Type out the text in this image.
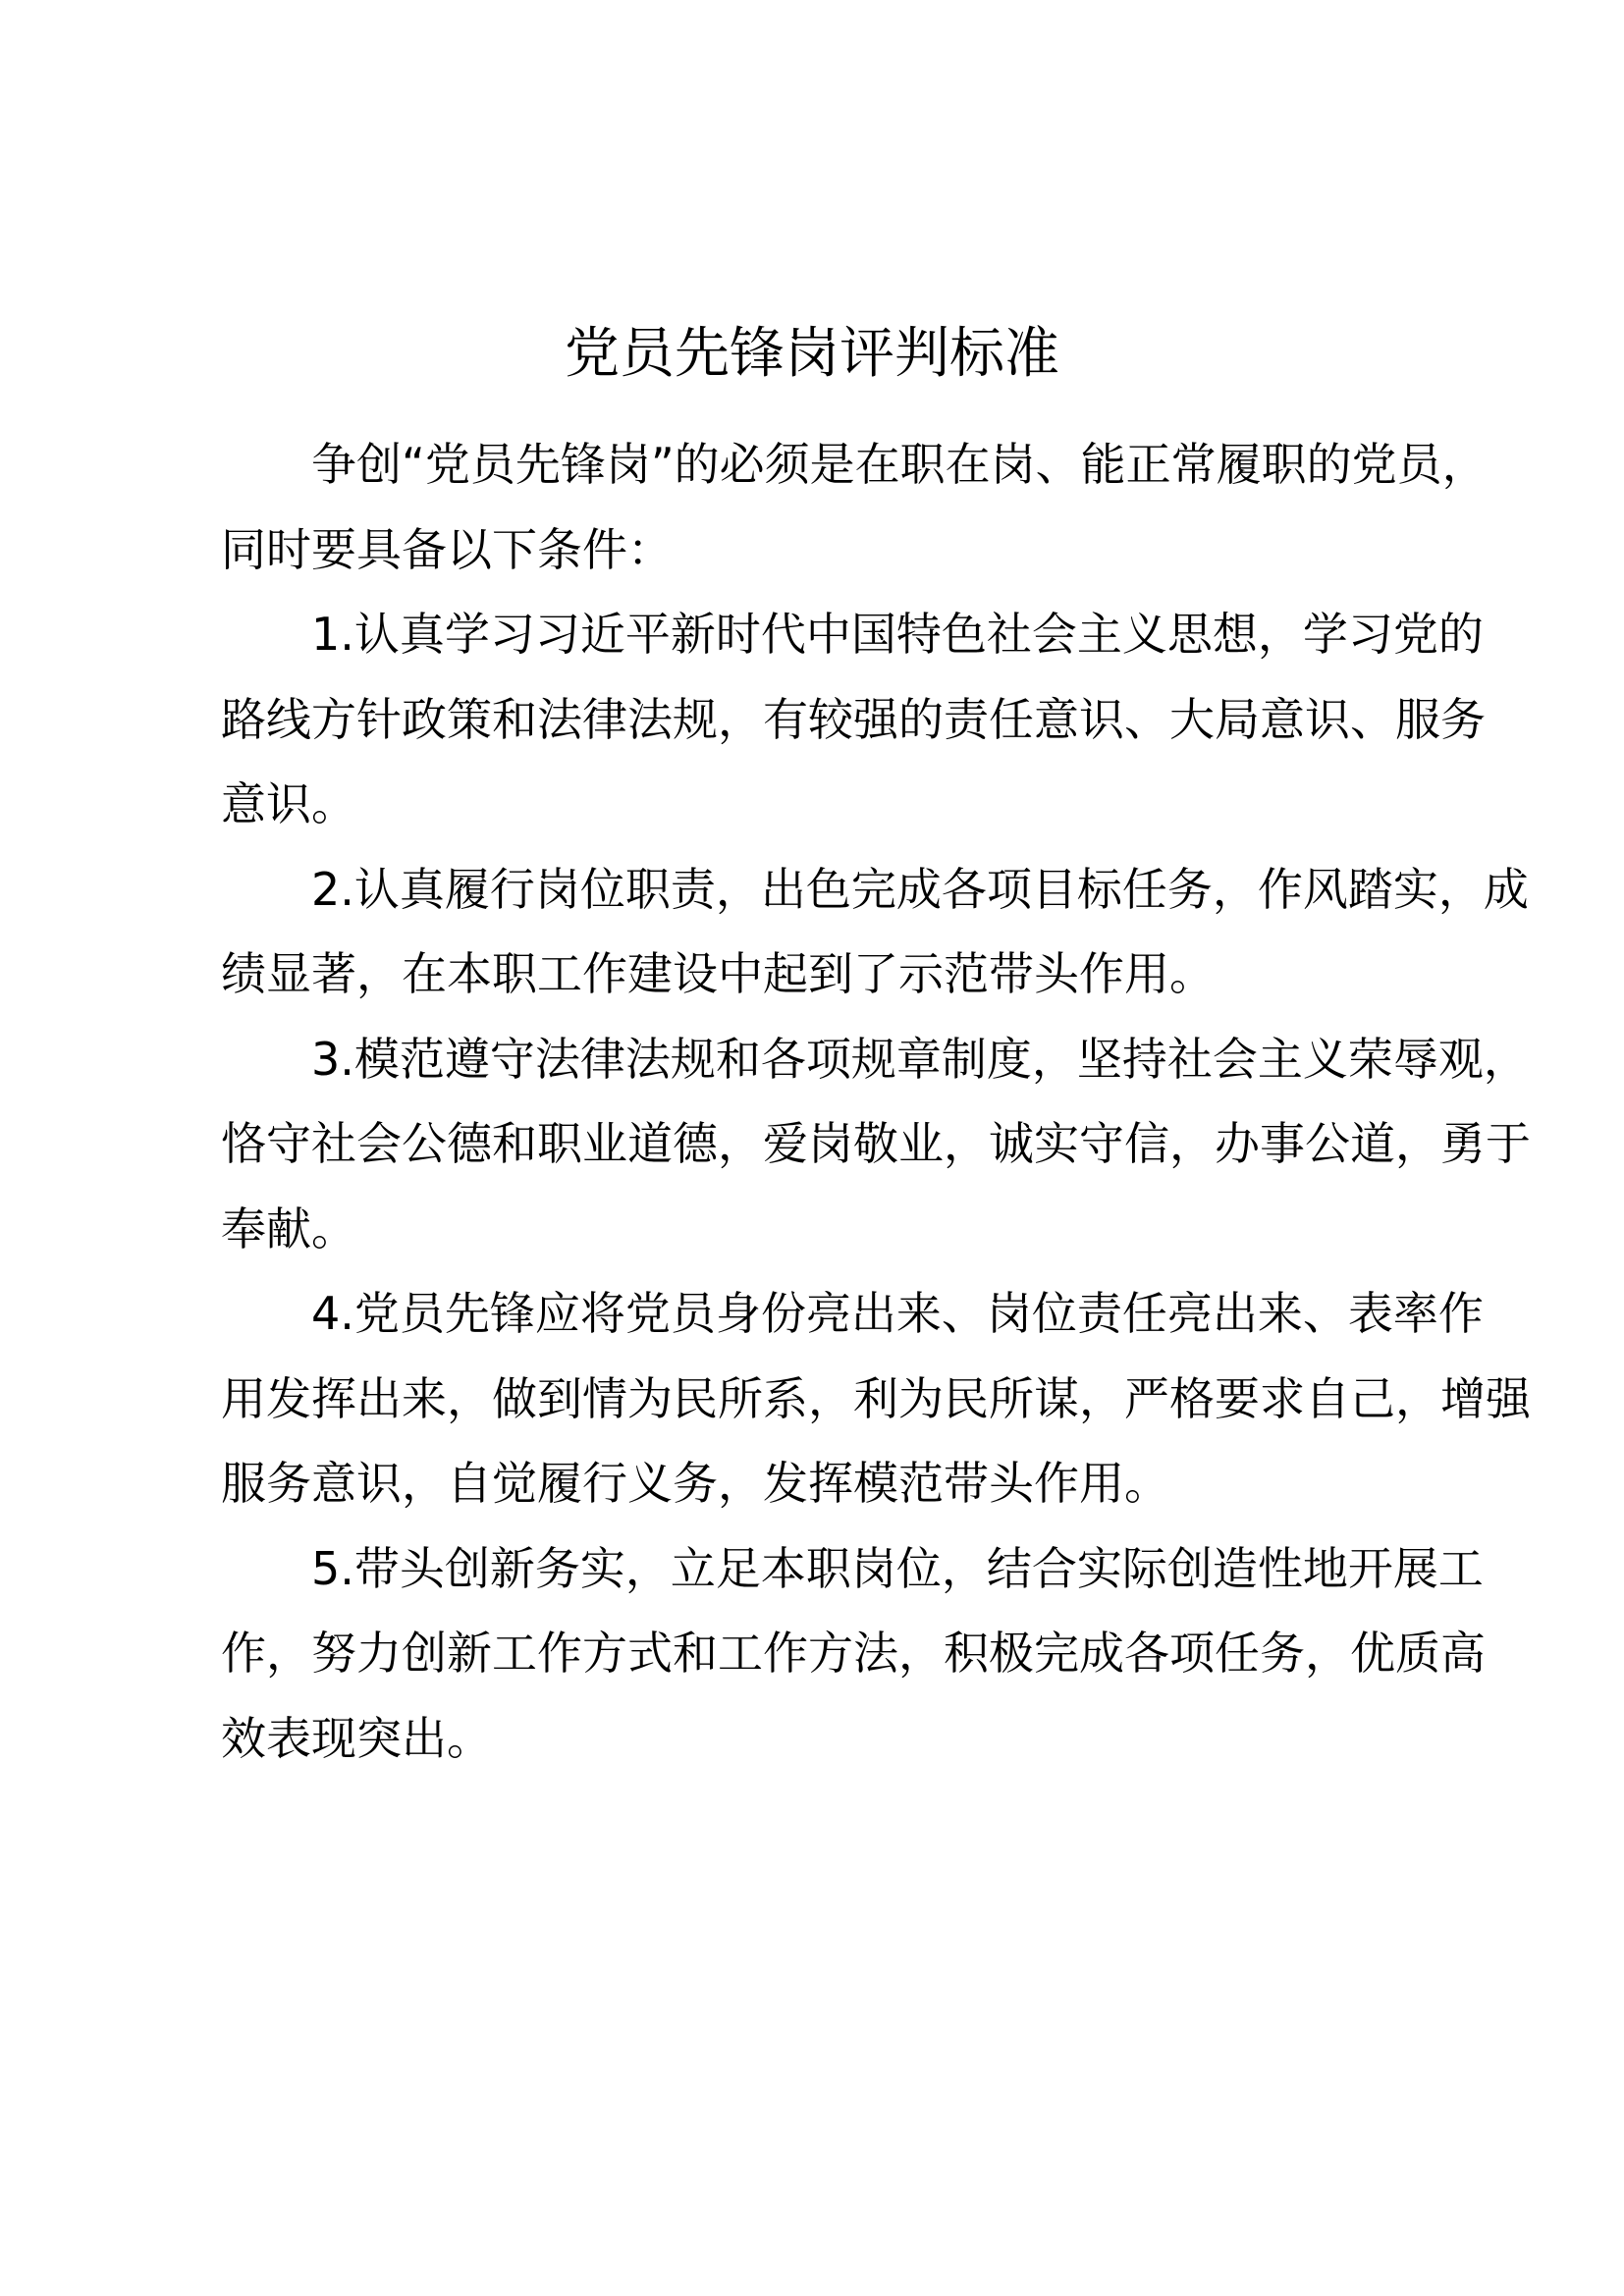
党员先锋岗评判标准
争创“党员先锋岗”的必须是在职在岗、能正常履职的党员，
同时要具备以下条件：
1.认真学习习近平新时代中国特色社会主义思想，学习党的
路线方针政策和法律法规，有较强的责任意识、大局意识、服务
意识。
2.认真履行岗位职责，出色完成各项目标任务，作风踏实，成
绩显著，在本职工作建设中起到了示范带头作用。
3.模范遵守法律法规和各项规章制度，坚持社会主义荣辱观，
恪守社会公德和职业道德，爱岗敬业，诚实守信，办事公道，勇于
奉献。
4.党员先锋应将党员身份亮出来、岗位责任亮出来、表率作
用发挥出来，做到情为民所系，利为民所谋，严格要求自己，增强
服务意识，自觉履行义务，发挥模范带头作用。
5.带头创新务实，立足本职岗位，结合实际创造性地开展工
作，努力创新工作方式和工作方法，积极完成各项任务，优质高
效表现突出。
